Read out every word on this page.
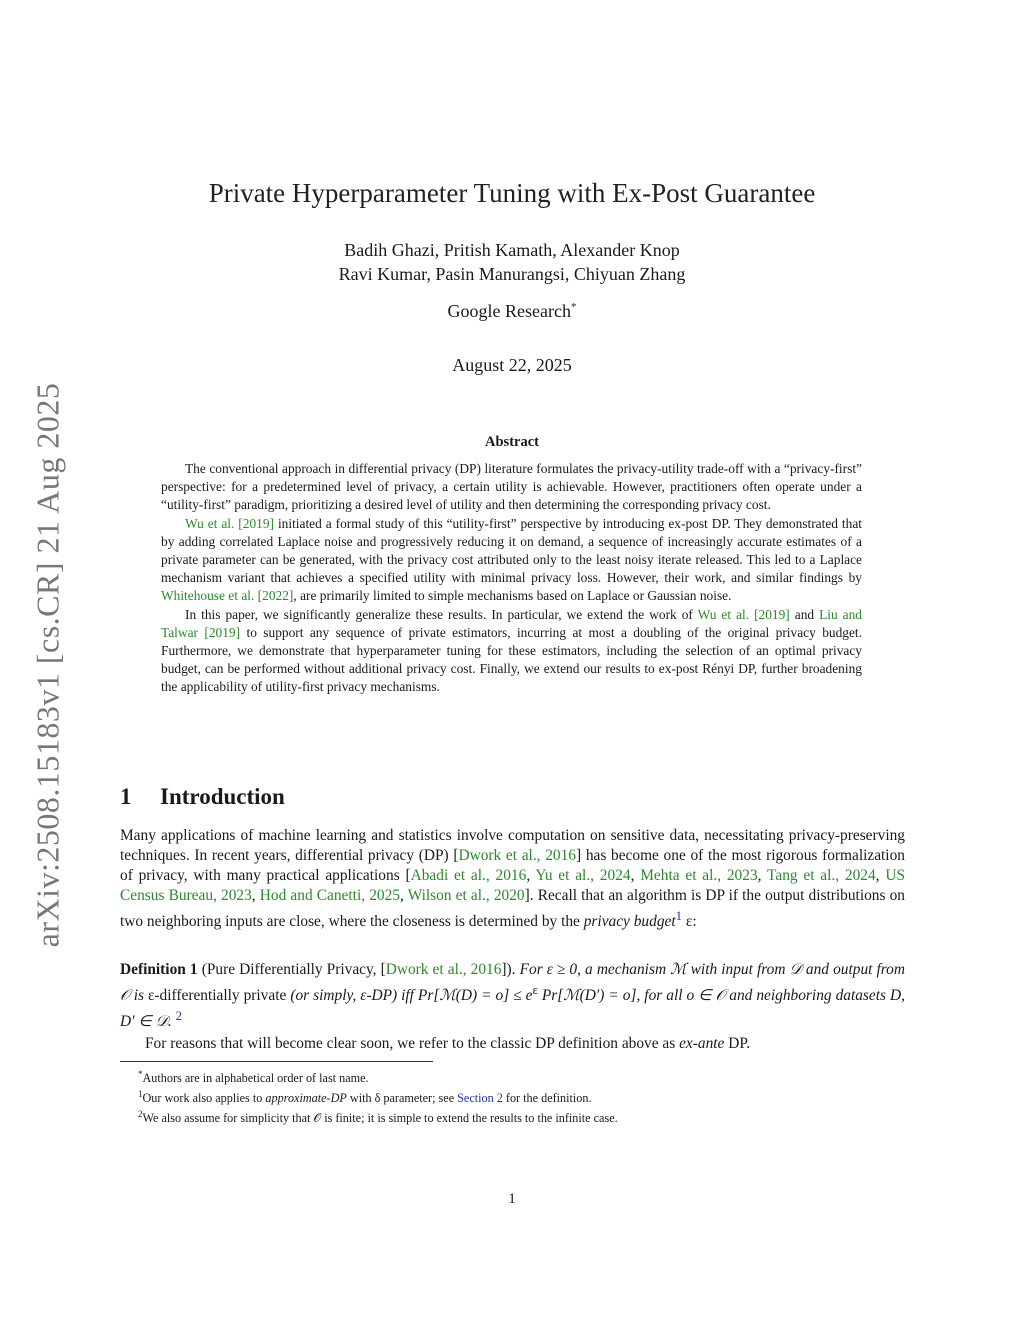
arXiv:2508.15183v1 [cs.CR] 21 Aug 2025
Private Hyperparameter Tuning with Ex-Post Guarantee
Badih Ghazi, Pritish Kamath, Alexander Knop
Ravi Kumar, Pasin Manurangsi, Chiyuan Zhang
Google Research*
August 22, 2025
Abstract

The conventional approach in differential privacy (DP) literature formulates the privacy-utility trade-off with a “privacy-first” perspective: for a predetermined level of privacy, a certain utility is achievable. However, practitioners often operate under a “utility-first” paradigm, prioritizing a desired level of utility and then determining the corresponding privacy cost.

Wu et al. [2019] initiated a formal study of this “utility-first” perspective by introducing ex-post DP. They demonstrated that by adding correlated Laplace noise and progressively reducing it on demand, a sequence of increasingly accurate estimates of a private parameter can be generated, with the privacy cost attributed only to the least noisy iterate released. This led to a Laplace mechanism variant that achieves a specified utility with minimal privacy loss. However, their work, and similar findings by Whitehouse et al. [2022], are primarily limited to simple mechanisms based on Laplace or Gaussian noise.

In this paper, we significantly generalize these results. In particular, we extend the work of Wu et al. [2019] and Liu and Talwar [2019] to support any sequence of private estimators, incurring at most a doubling of the original privacy budget. Furthermore, we demonstrate that hyperparameter tuning for these estimators, including the selection of an optimal privacy budget, can be performed without additional privacy cost. Finally, we extend our results to ex-post Rényi DP, further broadening the applicability of utility-first privacy mechanisms.

1 Introduction

Many applications of machine learning and statistics involve computation on sensitive data, necessitating privacy-preserving techniques. In recent years, differential privacy (DP) [Dwork et al., 2016] has become one of the most rigorous formalization of privacy, with many practical applications [Abadi et al., 2016, Yu et al., 2024, Mehta et al., 2023, Tang et al., 2024, US Census Bureau, 2023, Hod and Canetti, 2025, Wilson et al., 2020]. Recall that an algorithm is DP if the output distributions on two neighboring inputs are close, where the closeness is determined by the privacy budget$^1$ ε:

Definition 1 (Pure Differentially Privacy, [Dwork et al., 2016]). For ε ≥ 0, a mechanism ℳ with input from 𝒟 and output from 𝒪 is ε-differentially private (or simply, ε-DP) iff Pr[ℳ(D) = $o] \le e^\varepsilon$ Pr[ℳ(D′) = o], for all o ∈ 𝒪 and neighboring datasets D, D′ ∈ 𝒟. $^2$

For reasons that will become clear soon, we refer to the classic DP definition above as ex-ante DP.

*Authors are in alphabetical order of last name.
$^1$Our work also applies to approximate-DP with δ parameter; see Section 2 for the definition.
$^2$We also assume for simplicity that 𝒪 is finite; it is simple to extend the results to the infinite case.
1
